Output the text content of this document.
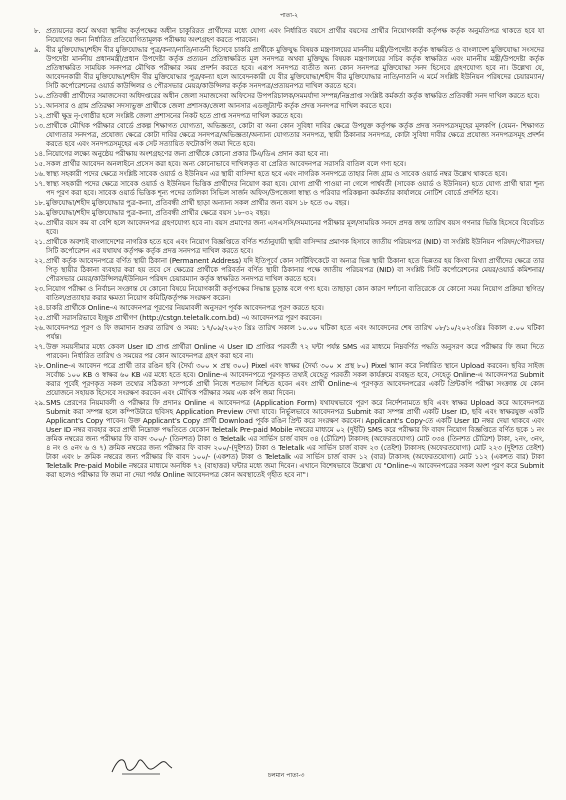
পাতা-২
৮. প্রত্যয়নের কর্মে অথবা স্থানীয় কর্তৃপক্ষের অধীন চাকুরিরত প্রার্থীদের মধ্যে যোগ্য এবং নির্ধারিত বয়সে প্রার্থীর বয়সের প্রার্থীর নিয়োগকারী কর্তৃপক্ষ কর্তৃক অনুমতিপত্র থাকতে হবে যা নিয়োগের জন্য নির্ধারিত প্রতিযোগিতামূলক পরীক্ষায় অংশগ্রহণ করতে পারবেন।
৯. বীর মুক্তিযোদ্ধা/শহীদ বীর মুক্তিযোদ্ধার পুত্র/কন্যা/নাতি/নাতনী হিসেবে চাকরি প্রার্থীকে মুক্তিযুদ্ধ বিষয়ক মন্ত্রণালয়ের মাননীয় মন্ত্রী/উপদেষ্টা কর্তৃক স্বাক্ষরিত ও বাংলাদেশ মুক্তিযোদ্ধা সংসদের উপদেষ্টা মাননীয় প্রধানমন্ত্রী/প্রধান উপদেষ্টা কর্তৃক প্রত্যয়ন প্রতিস্বাক্ষরিত মূল সনদপত্র অথবা মুক্তিযুদ্ধ বিষয়ক মন্ত্রণালয়ের সচিব কর্তৃক স্বাক্ষরিত এবং মাননীয় মন্ত্রী/উপদেষ্টা কর্তৃক প্রতিস্বাক্ষরিত সাময়িক সনদপত্র মৌখিক পরীক্ষার সময় প্রদর্শন করতে হবে। এরূপ সনদপত্র ব্যতীত অন্য কোন সনদপত্র মুক্তিযোদ্ধা সনদ হিসেবে গ্রহণযোগ্য হবে না। উল্লেখ্য যে, আবেদনকারী বীর মুক্তিযোদ্ধা/শহীদ বীর মুক্তিযোদ্ধার পুত্র/কন্যা হলে আবেদনকারী যে বীর মুক্তিযোদ্ধা/শহীদ বীর মুক্তিযোদ্ধার নাতি/নাতনি এ মর্মে সংশ্লিষ্ট ইউনিয়ন পরিষদের চেয়ারম্যান/সিটি কর্পোরেশনের ওয়ার্ড কাউন্সিলর ও পৌরসভার মেয়র/কাউন্সিলর কর্তৃক সনদপত্র/প্রত্যয়নপত্র দাখিল করতে হবে।
১০. প্রতিবন্ধী প্রার্থীদের সমাজসেবা অধিদপ্তরের অধীন জেলা সমাজসেবা অফিসের উপপরিচালক/সমমর্যাদা সম্পন্ন/নিম্নপ্রাপ্ত সংশ্লিষ্ট কর্মকর্তা কর্তৃক স্বাক্ষরিত প্রতিবন্ধী সনদ দাখিল করতে হবে।
১১. আনসার ও গ্রাম প্রতিরক্ষা সদস্যভুক্ত প্রার্থীকে জেলা প্রশাসক/জেলা আনসার এডজুট্যান্ট কর্তৃক প্রদত্ত সনদপত্র দাখিল করতে হবে।
১২. প্রার্থী ক্ষুদ্র নৃ-গোষ্ঠীর হলে সংশ্লিষ্ট জেলা প্রশাসনের নিকট হতে প্রাপ্ত সনদপত্র দাখিল করতে হবে।
১৩. প্রার্থীকে মৌখিক পরীক্ষার বোর্ডে প্রকল্প শিক্ষাগত যোগ্যতা, অভিজ্ঞতা, কোটা বা অন্য কোন সুবিধা দাবির ক্ষেত্রে উপযুক্ত কর্তৃপক্ষ কর্তৃক প্রদত্ত সনদপত্রসমূহের মূলকপি (যেমন- শিক্ষাগত যোগ্যতার সনদপত্র, প্রযোজ্য ক্ষেত্রে কোটা দাবির ক্ষেত্রে সনদপত্র/অভিজ্ঞতা/অন্যান্য যোগ্যতার সনদপত্র, স্থায়ী ঠিকানার সনদপত্র, কোটা সুবিধা দাবীর ক্ষেত্রে প্রযোজ্য সনদপত্রসমূহ প্রদর্শন করতে হবে এবং সনদপত্রসমূহের এক সেট সত্যায়িত ফটোকপি জমা দিতে হবে।
১৪. নিয়োগের লক্ষ্যে অনুষ্ঠেয় পরীক্ষায় অংশগ্রহণের জন্য প্রার্থীকে কোনো প্রকার টিএ/ডিএ প্রদান করা হবে না।
১৫. সকল প্রার্থীর আবেদন অনলাইনে প্রসেস করা হবে। অন্য কোনোভাবে দাখিলকৃত বা প্রেরিত আবেদনপত্র সরাসরি বাতিল বলে গণ্য হবে।
১৬. স্বাস্থ্য সহকারী পদের ক্ষেত্রে সংশ্লিষ্ট সাবেক ওয়ার্ড ও ইউনিয়ন এর স্থায়ী বাসিন্দা হতে হবে এবং নাগরিক সনদপত্রে তাহার নিজ গ্রাম ও সাবেক ওয়ার্ড নম্বর উল্লেখ থাকতে হবে।
১৭. স্বাস্থ্য সহকারী পদের ক্ষেত্রে সাবেক ওয়ার্ড ও ইউনিয়ন ভিত্তিক প্রার্থীদের নিয়োগ করা হবে। যোগ্য প্রার্থী পাওয়া না গেলে পার্শ্ববর্তী (সাবেক ওয়ার্ড ও ইউনিয়ন) হতে যোগ্য প্রার্থী দ্বারা শূন্য পদ পূরণ করা হবে। সাবেক ওয়ার্ড ভিত্তিক শূন্য পদের তালিকা সিভিল সার্জন অফিস/উপজেলা স্বাস্থ্য ও পরিবার পরিকল্পনা কর্মকর্তার কার্যালয়ে নোটিশ বোর্ডে প্রদর্শিত হবে।
১৮. মুক্তিযোদ্ধা/শহীদ মুক্তিযোদ্ধার পুত্র-কন্যা, প্রতিবন্ধী প্রার্থী ছাড়া অন্যান্য সকল প্রার্থীর জন্য বয়স ১৮ হতে ৩০ বছর।
১৯. মুক্তিযোদ্ধা/শহীদ মুক্তিযোদ্ধার পুত্র-কন্যা, প্রতিবন্ধী প্রার্থীর ক্ষেত্রে বয়স ১৮-৩২ বছর।
২০. প্রার্থীর বয়স কম বা বেশি হলে আবেদনপত্র গ্রহণযোগ্য হবে না। বয়স প্রমাণের জন্য এসএসসি/সমমানের পরীক্ষার মূল/সাময়িক সনদে প্রদত্ত জন্ম তারিখ বয়স গণনার ভিত্তি হিসেবে বিবেচিত হবে।
২১. প্রার্থীকে অবশ্যই বাংলাদেশের নাগরিক হতে হবে এবং নিয়োগ বিজ্ঞপ্তিতে বর্ণিত শর্তানুযায়ী স্থায়ী বাসিন্দার প্রমাণক হিসাবে জাতীয় পরিচয়পত্র (NID) বা সংশ্লিষ্ট ইউনিয়ন পরিষদ/পৌরসভা/সিটি কর্পোরেশন এর যথাযথ কর্তৃপক্ষ কর্তৃক প্রদত্ত সনদপত্র দাখিল করতে হবে।
২২. প্রার্থী কর্তৃক আবেদনপত্রে বর্ণিত স্থায়ী ঠিকানা (Permanent Address) যদি ইতিপূর্বে কোন সার্টিফিকেটে বা অন্যত্র ভিন্ন স্থায়ী ঠিকানা হতে ভিন্নতর হয় কিংবা মিথ্যা প্রার্থীদের ক্ষেত্রে তার পিতৃ স্থায়ীর ঠিকানা ব্যবহার করা হয় তবে সে ক্ষেত্রের প্রার্থীকে পরিবর্তন বর্ণিত স্থায়ী ঠিকানার পক্ষে জাতীয় পরিচয়পত্র (NID) বা সংশ্লিষ্ট সিটি কর্পোরেশনের মেয়র/ওয়ার্ড কমিশনার/পৌরসভার মেয়র/কাউন্সিলর/ইউনিয়ন পরিষদ চেয়ারম্যান কর্তৃক স্বাক্ষরিত সনদপত্র দাখিল করতে হবে।
২৩. নিয়োগ পরীক্ষা ও নির্বাচন সংক্রান্ত যে কোনো বিষয়ে নিয়োগকারী কর্তৃপক্ষের সিদ্ধান্ত চূড়ান্ত বলে গণ্য হবে। তাছাড়া কোন কারণ দর্শানো ব্যতিরেকে যে কোনো সময় নিয়োগ প্রক্রিয়া স্থগিত/বাতিল/প্রত্যাহার করার ক্ষমতা নিয়োগ কমিটি/কর্তৃপক্ষ সংরক্ষণ করেন।
২৪. চাকরি প্রার্থীকে Online-এ আবেদনপত্র পূরণের নিয়মাবলী অনুসরণ পূর্বক আবেদনপত্র পূরণ করতে হবে।
২৫. প্রার্থী সরাসরিভাবে ইচ্ছুক প্রার্থীগণ (http://cstgn.teletalk.com.bd) -এ আবেদনপত্র পূরণ করবেন।
২৬. আবেদনপত্র পূরণ ও ফি জমাদান শুরুর তারিখ ও সময়: ১৭/০৯/২০২৩ খ্রিঃ তারিখ সকাল ১০.০০ ঘটিকা হতে এবং আবেদনের শেষ তারিখ ০৮/১০/২০২৩খ্রিঃ বিকাল ৫.০০ ঘটিকা পর্যন্ত।
২৭. উক্ত সময়সীমার মধ্যে কেবল User ID প্রাপ্ত প্রার্থীরা Online এ User ID প্রাপ্তির পরবর্তী ৭২ ঘন্টা পর্যন্ত SMS এর মাধ্যমে নিম্নবর্ণিত পদ্ধতি অনুসরণ করে পরীক্ষার ফি জমা দিতে পারবেন। নির্ধারিত তারিখ ও সময়ের পর কোন আবেদনপত্র গ্রহণ করা হবে না।
২৮. Online-এ আবেদন পত্রে প্রার্থী তার রঙিন ছবি (দৈর্ঘ্য ৩০০ × প্রস্থ ৩০০) Pixel এবং স্বাক্ষর (দৈর্ঘ্য ৩০০ × প্রস্থ ৮০) Pixel স্ক্যান করে নির্ধারিত স্থানে Upload করবেন। ছবির সাইজ সর্বোচ্চ ১০০ KB ও স্বাক্ষর ৬০ KB এর মধ্যে হতে হবে। Online-এ আবেদনপত্রে পূরণকৃত তথ্যই যেহেতু পরবর্তী সকল কার্যক্রমে ব্যবহৃত হবে, সেহেতু Online-এ আবেদনপত্র Submit করার পূর্বেই পূরণকৃত সকল তথ্যের সঠিকতা সম্পর্কে প্রার্থী নিজে শতভাগ নিশ্চিত হবেন এবং প্রার্থী Online-এ পূরণকৃত আবেদনপত্রের একটি প্রিন্টকপি পরীক্ষা সংক্রান্ত যে কোন প্রয়োজনে সহায়ক হিসেবে সংরক্ষণ করবেন এবং মৌখিক পরীক্ষার সময় এক কপি জমা দিবেন।
২৯. SMS প্রেরণের নিয়মাবলী ও পরীক্ষার ফি প্রদানঃ Online এ আবেদনপত্র (Application Form) যথাযথভাবে পূরণ করে নির্দেশনামতে ছবি এবং স্বাক্ষর Upload করে আবেদনপত্র Submit করা সম্পন্ন হলে কম্পিউটারে ছবিসহ Application Preview দেখা যাবে। নির্ভুলভাবে আবেদনপত্র Submit করা সম্পন্ন প্রার্থী একটি User ID, ছবি এবং স্বাক্ষরযুক্ত একটি Applicant's Copy পাবেন। উক্ত Applicant's Copy প্রার্থী Download পূর্বক রঙিন প্রিন্ট করে সংরক্ষণ করবেন। Applicant's Copy-তে একটি User ID নম্বর দেয়া থাকবে এবং User ID নম্বর ব্যবহার করে প্রার্থী নিম্নোক্ত পদ্ধতিতে যেকোন Teletalk Pre-paid Mobile নম্বরের মাধ্যমে ০২ (দুইটি) SMS করে পরীক্ষার ফি বাবদ নিয়োগ বিজ্ঞপ্তিতে বর্ণিত ছকে ১ নং ক্রমিক নম্বরের জন্য পরীক্ষার ফি বাবদ ৩০০/- (তিনশত) টাকা ও Teletalk এর সার্ভিস চার্জ বাবদ ৩৪ (চৌত্রিশ) টাকাসহ (অফেরতযোগ্য) মোট ৩৩৪ (তিনশত চৌত্রিশ) টাকা, ২নং, ৩নং, ৪ নং ও ৫নং ৬ ও ৭) ক্রমিক নম্বরের জন্য পরীক্ষার ফি বাবদ ২০০/-(দুইশত) টাকা ও Teletalk এর সার্ভিস চার্জ বাবদ ২৩ (তেইশ) টাকাসহ (অফেরতযোগ্য) মোট ২২৩ (দুইশত তেইশ) টাকা এবং ৮ ক্রমিক নম্বরের জন্য পরীক্ষার ফি বাবদ ১০০/- (একশত) টাকা ও Teletalk এর সার্ভিস চার্জ বাবদ ১২ (বার) টাকাসহ (অফেরতযোগ্য) মোট ১১২ (একশত বার) টাকা Teletalk Pre-paid Mobile নম্বরের মাধ্যমে অনধিক ৭২ (বাহাত্তর) ঘন্টার মধ্যে জমা দিবেন। এখানে বিশেষভাবে উল্লেখ্য যে "Online-এ আবেদনপত্রের সকল অংশ পূরণ করে Submit করা হলেও পরীক্ষার ফি জমা না দেয়া পর্যন্ত Online আবেদনপত্র কোন অবস্থাতেই গৃহীত হবে না"।
চলমান পাতা-৩
